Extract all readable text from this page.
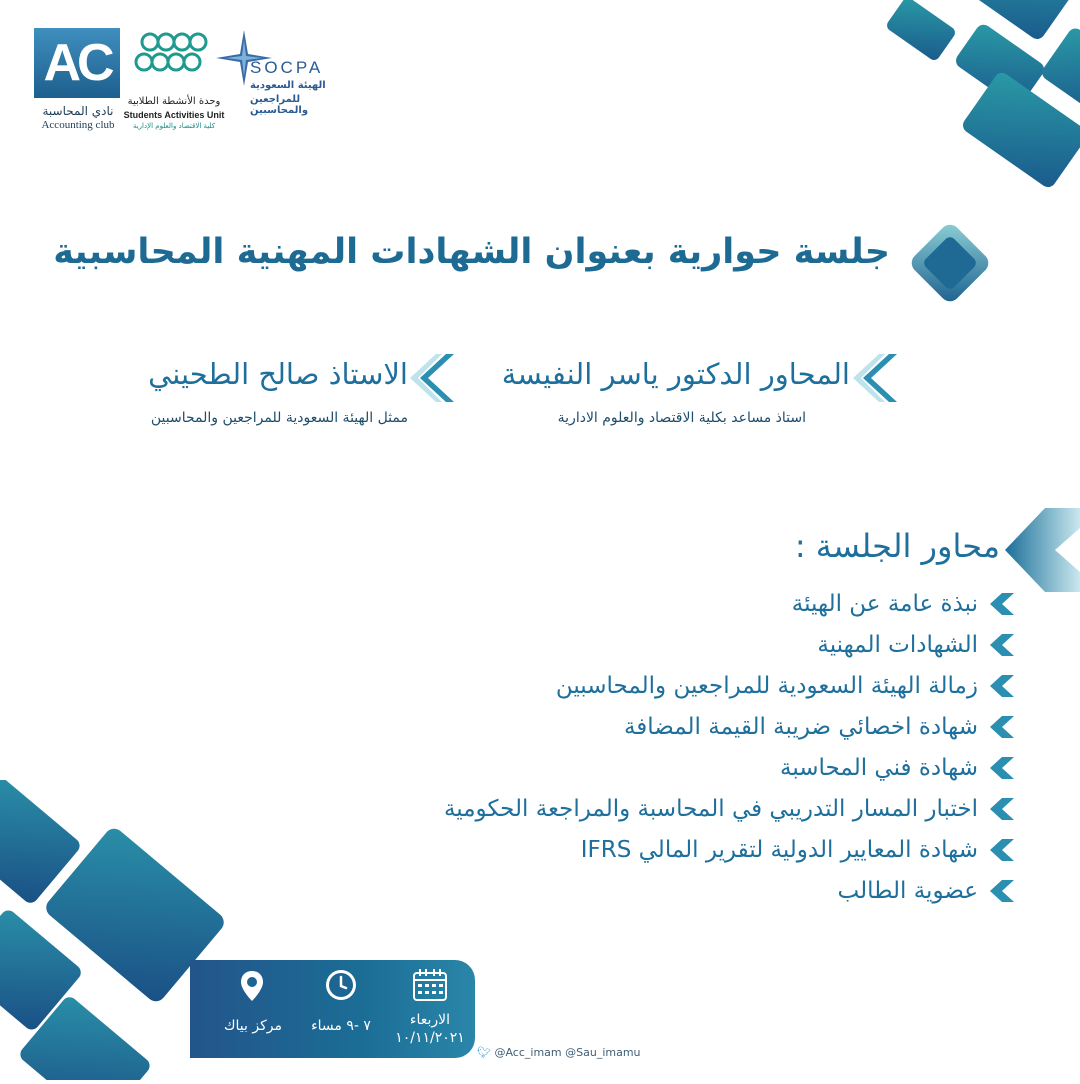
AC
نادي المحاسبة
Accounting club
وحدة الأنشطة الطلابية
Students Activities Unit
كلية الاقتصاد والعلوم الإدارية
SOCPA
الهيئة السعودية
للمراجعين والمحاسبين
جلسة حوارية بعنوان الشهادات المهنية المحاسبية
المحاور الدكتور ياسر النفيسة
استاذ مساعد بكلية الاقتصاد والعلوم الادارية
الاستاذ صالح الطحيني
ممثل الهيئة السعودية للمراجعين والمحاسبين
محاور الجلسة :
نبذة عامة عن الهيئة
الشهادات المهنية
زمالة الهيئة السعودية للمراجعين والمحاسبين
شهادة اخصائي ضريبة القيمة المضافة
شهادة فني المحاسبة
اختبار المسار التدريبي في المحاسبة والمراجعة الحكومية
شهادة المعايير الدولية لتقرير المالي IFRS
عضوية الطالب
مركز بياك	٧ -٩ مساء	الاربعاء
١٠/١١/٢٠٢١
🐦︎ @Acc_imam @Sau_imamu
